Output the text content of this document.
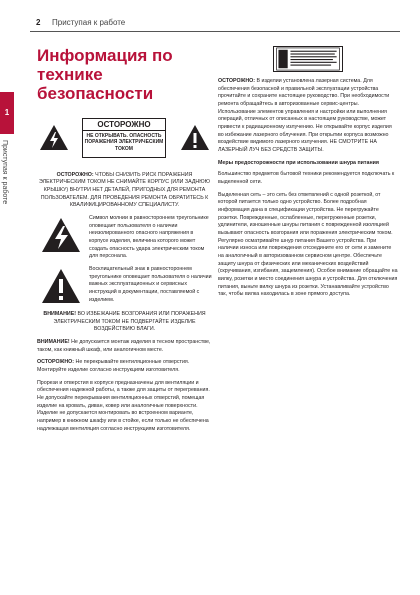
2 Приступая к работе
1
Приступая к работе
Информация по технике безопасности
ОСТОРОЖНО
НЕ ОТКРЫВАТЬ. ОПАСНОСТЬ ПОРАЖЕНИЯ ЭЛЕКТРИЧЕСКИМ ТОКОМ

ОСТОРОЖНО: ЧТОБЫ СНИЗИТЬ РИСК ПОРАЖЕНИЯ ЭЛЕКТРИЧЕСКИМ ТОКОМ НЕ СНИМАЙТЕ КОРПУС (ИЛИ ЗАДНЮЮ КРЫШКУ) ВНУТРИ НЕТ ДЕТАЛЕЙ, ПРИГОДНЫХ ДЛЯ РЕМОНТА ПОЛЬЗОВАТЕЛЕМ. ДЛЯ ПРОВЕДЕНИЯ РЕМОНТА ОБРАТИТЕСЬ К КВАЛИФИЦИРОВАННОМУ СПЕЦИАЛИСТУ.

Символ молнии в равностороннем треугольнике оповещает пользователя о наличии неизолированного опасного напряжения в корпусе изделия, величина которого может создать опасность удара электрическим током для персонала.
Восклицательный знак в равностороннем треугольнике оповещает пользователя о наличии важных эксплуатационных и сервисных инструкций в документации, поставляемой с изделием.

ВНИМАНИЕ! ВО ИЗБЕЖАНИЕ ВОЗГОРАНИЯ ИЛИ ПОРАЖЕНИЯ ЭЛЕКТРИЧЕСКИМ ТОКОМ НЕ ПОДВЕРГАЙТЕ ИЗДЕЛИЕ ВОЗДЕЙСТВИЮ ВЛАГИ.

ВНИМАНИЕ! Не допускается монтаж изделия в тесном пространстве, таком, как книжный шкаф, или аналогичном месте.

ОСТОРОЖНО: Не перекрывайте вентиляционные отверстия. Монтируйте изделие согласно инструкциям изготовителя.

Прорези и отверстия в корпусе предназначены для вентиляции и обеспечения надежной работы, а также для защиты от перегревания. Не допускайте перекрывания вентиляционных отверстий, помещая изделие на кровать, диван, ковер или аналогичные поверхности. Изделие не допускается монтировать во встроенном варианте, например в книжном шкафу или в стойке, если только не обеспечена надлежащая вентиляция согласно инструкциям изготовителя.

ОСТОРОЖНО: В изделии установлена лазерная система. Для обеспечения безопасной и правильной эксплуатации устройства прочитайте и сохраните настоящее руководство. При необходимости ремонта обращайтесь в авторизованные сервис-центры. Использование элементов управления и настройки или выполнения операций, отличных от описанных в настоящем руководстве, может привести к радиационному излучению. Не открывайте корпус изделия во избежание лазерного облучения. При открытии корпуса возможно воздействие видимого лазерного излучения. НЕ СМОТРИТЕ НА ЛАЗЕРНЫЙ ЛУЧ БЕЗ СРЕДСТВ ЗАЩИТЫ.

Меры предосторожности при использовании шнура питания

Большинство предметов бытовой техники рекомендуется подключать к выделенной сети.

Выделенная сеть – это сеть без ответвлений с одной розеткой, от которой питается только одно устройство. Более подробная информация дана в спецификации устройства. Не перегружайте розетки. Поврежденные, ослабленные, перегруженные розетки, удлинители, изношенные шнуры питания с поврежденной изоляцией вызывают опасность возгорания или поражения электрическим током. Регулярно осматривайте шнур питания Вашего устройства. При наличии износа или повреждения отсоедините его от сети и замените на аналогичный в авторизованном сервисном центре. Обеспечьте защиту шнура от физических или механических воздействий (скручивания, изгибания, защемления). Особое внимание обращайте на вилку, розетки и место соединения шнура и устройства. Для отключения питания, выньте вилку шнура из розетки. Устанавливайте устройство так, чтобы вилка находилась в зоне прямого доступа.
